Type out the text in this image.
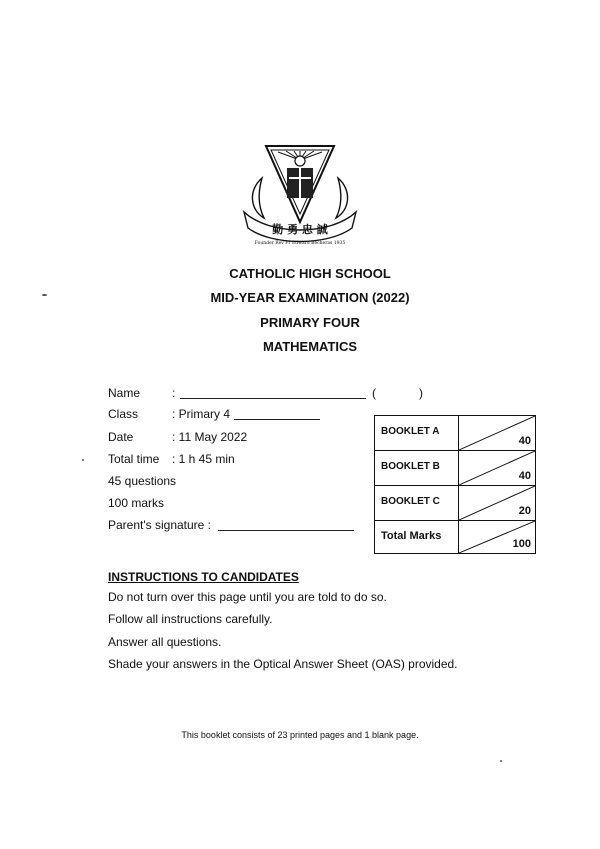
勤 勇 忠 誠
Founder Rev Fr Edward Becheras 1935
CATHOLIC HIGH SCHOOL
MID-YEAR EXAMINATION (2022)
PRIMARY FOUR
MATHEMATICS
Name	:	(	)
Class	: Primary 4
Date	: 11 May 2022
Total time : 1 h 45 min
45 questions
100 marks
Parent's signature :
BOOKLET A	40

BOOKLET B	40

BOOKLET C	20

Total Marks	100
INSTRUCTIONS TO CANDIDATES
Do not turn over this page until you are told to do so.
Follow all instructions carefully.
Answer all questions.
Shade your answers in the Optical Answer Sheet (OAS) provided.
This booklet consists of 23 printed pages and 1 blank page.
